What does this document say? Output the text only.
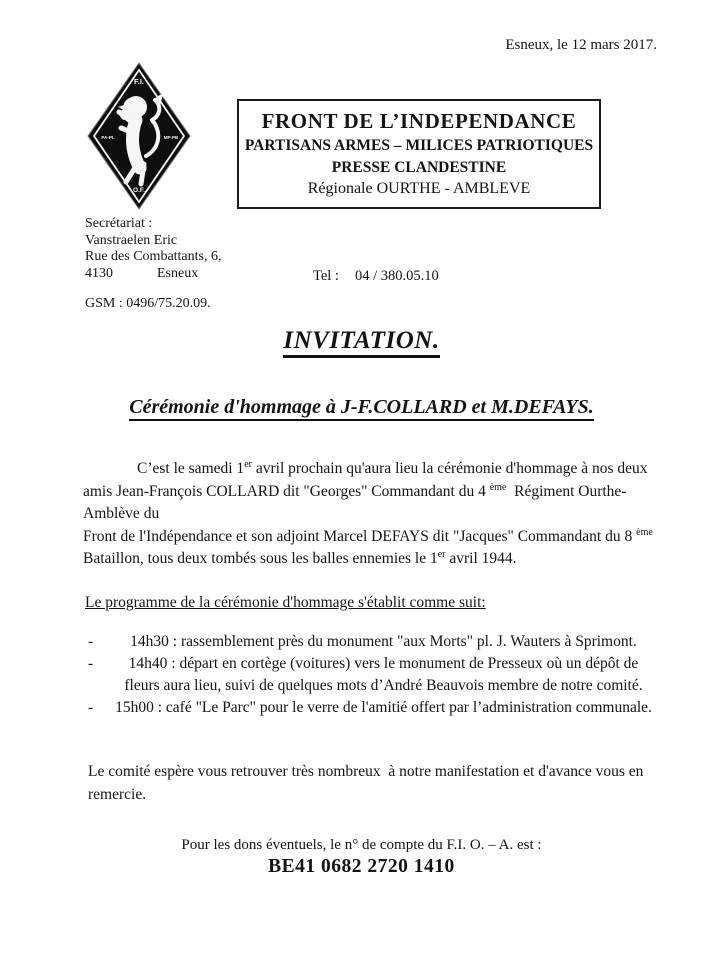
Esneux, le 12 mars 2017.
F.I.
PA-PL	MP-PB
O.F.
FRONT DE L’INDEPENDANCE
PARTISANS ARMES – MILICES PATRIOTIQUES
PRESSE CLANDESTINE
Régionale OURTHE - AMBLEVE
Secrétariat :
Vanstraelen Eric
Rue des Combattants, 6,
4130	Esneux
GSM : 0496/75.20.09.
Tel : 04 / 380.05.10
INVITATION.
Cérémonie d'hommage à J-F.COLLARD et M.DEFAYS.

C’est le samedi 1er avril prochain qu'aura lieu la cérémonie d'hommage à nos deux amis Jean-François COLLARD dit "Georges" Commandant du 4 $^{ème}$  Régiment Ourthe-Amblève du
Front de l'Indépendance et son adjoint Marcel DEFAYS dit "Jacques" Commandant du 8 $^{ème}$ Bataillon, tous deux tombés sous les balles ennemies le 1er avril 1944.

Le programme de la cérémonie d'hommage s'établit comme suit:
- 14h30 : rassemblement près du monument "aux Morts" pl. J. Wauters à Sprimont.
- 14h40 : départ en cortège (voitures) vers le monument de Presseux où un dépôt de fleurs aura lieu, suivi de quelques mots d’André Beauvois membre de notre comité.
- 15h00 : café "Le Parc" pour le verre de l'amitié offert par l’administration communale.

Le comité espère vous retrouver très nombreux  à notre manifestation et d'avance vous en remercie.

Pour les dons éventuels, le n° de compte du F.I. O. – A. est :
BE41 0682 2720 1410
